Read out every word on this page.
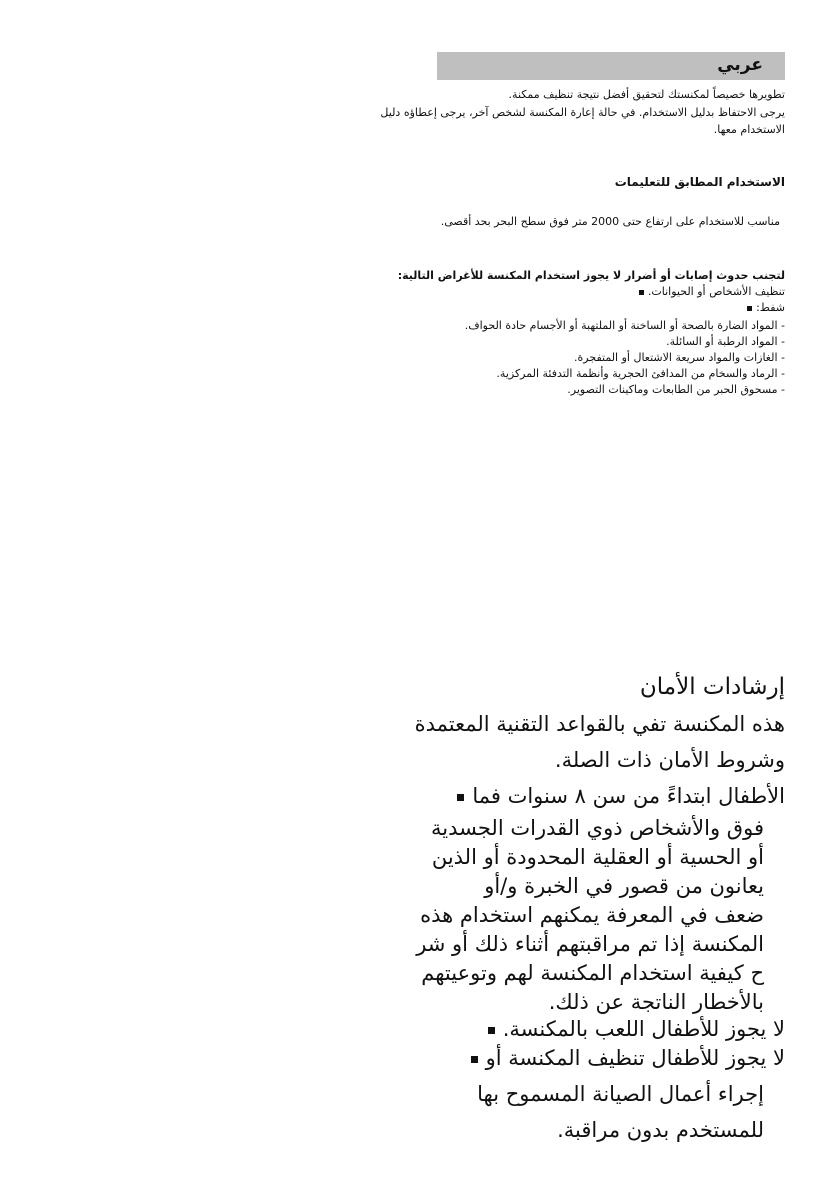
عربي
تطويرها خصيصاً لمكنستك لتحقيق أفضل نتيجة تنظيف ممكنة.
يرجى الاحتفاظ بدليل الاستخدام. في حالة إعارة المكنسة لشخص آخر، يرجى إعطاؤه دليل
الاستخدام معها.
الاستخدام المطابق للتعليمات
مناسب للاستخدام على ارتفاع حتى 2000 متر فوق سطح البحر بحد أقصى.
لتجنب حدوث إصابات أو أضرار لا يجوز استخدام المكنسة للأغراض التالية:
تنظيف الأشخاص أو الحيوانات.
شفط:
- المواد الضارة بالصحة أو الساخنة أو الملتهبة أو الأجسام حادة الحواف.
- المواد الرطبة أو السائلة.
- الغازات والمواد سريعة الاشتعال أو المتفجرة.
- الرماد والسخام من المدافئ الحجرية وأنظمة التدفئة المركزية.
- مسحوق الحبر من الطابعات وماكينات التصوير.
إرشادات الأمان
هذه المكنسة تفي بالقواعد التقنية المعتمدة
وشروط الأمان ذات الصلة.
الأطفال ابتداءً من سن ٨ سنوات فما
فوق والأشخاص ذوي القدرات الجسدية
أو الحسية أو العقلية المحدودة أو الذين
يعانون من قصور في الخبرة و/أو
ضعف في المعرفة يمكنهم استخدام هذه
المكنسة إذا تم مراقبتهم أثناء ذلك أو شر
ح كيفية استخدام المكنسة لهم وتوعيتهم
بالأخطار الناتجة عن ذلك.
لا يجوز للأطفال اللعب بالمكنسة.
لا يجوز للأطفال تنظيف المكنسة أو
إجراء أعمال الصيانة المسموح بها
للمستخدم بدون مراقبة.
